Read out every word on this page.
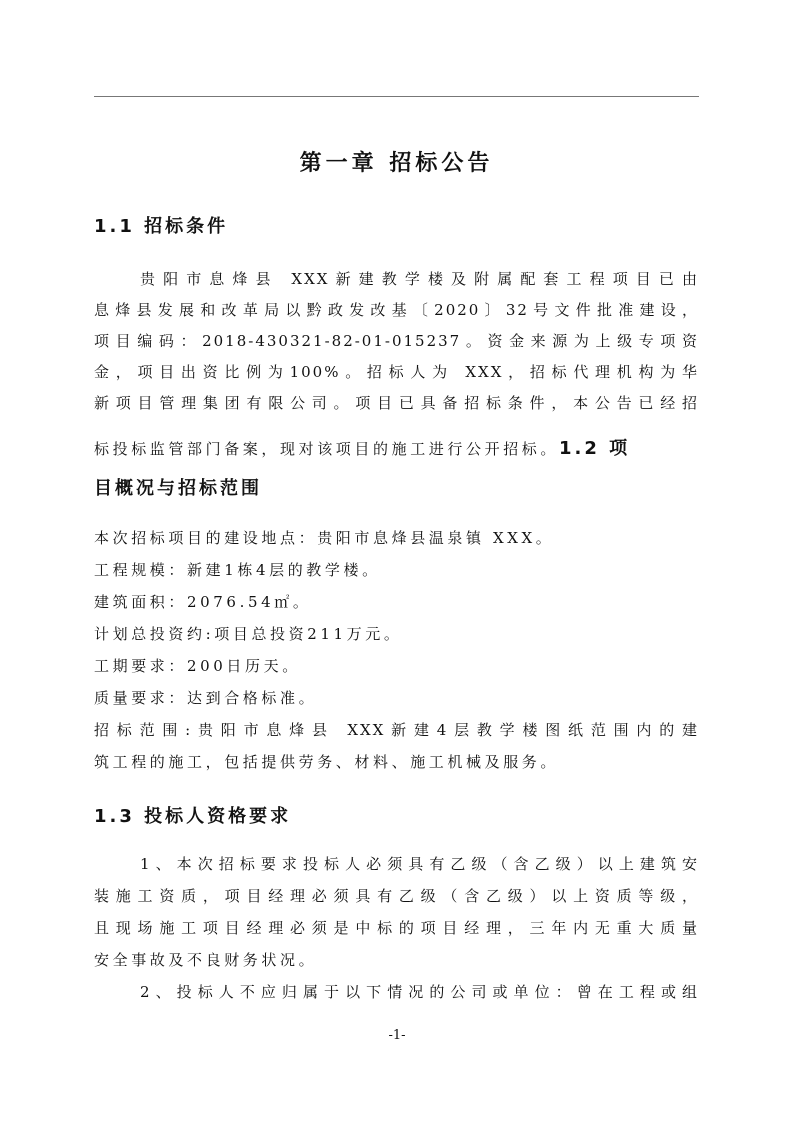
第一章 招标公告
1.1 招标条件

贵阳市息烽县 XXX新建教学楼及附属配套工程项目已由

息烽县发展和改革局以黔政发改基〔2020〕32号文件批准建设，

项目编码：2018-430321-82-01-015237。资金来源为上级专项资

金，项目出资比例为100%。招标人为 XXX，招标代理机构为华

新项目管理集团有限公司。项目已具备招标条件，本公告已经招

标投标监管部门备案，现对该项目的施工进行公开招标。1.2 项
目概况与招标范围

本次招标项目的建设地点：贵阳市息烽县温泉镇 XXX。

工程规模：新建1栋4层的教学楼。

建筑面积：2076.54㎡。

计划总投资约:项目总投资211万元。

工期要求：200日历天。

质量要求：达到合格标准。

招标范围:贵阳市息烽县 XXX新建4层教学楼图纸范围内的建

筑工程的施工，包括提供劳务、材料、施工机械及服务。

1.3 投标人资格要求

1、本次招标要求投标人必须具有乙级（含乙级）以上建筑安

装施工资质，项目经理必须具有乙级（含乙级）以上资质等级，

且现场施工项目经理必须是中标的项目经理，三年内无重大质量

安全事故及不良财务状况。

2、投标人不应归属于以下情况的公司或单位：曾在工程或组

-1-
